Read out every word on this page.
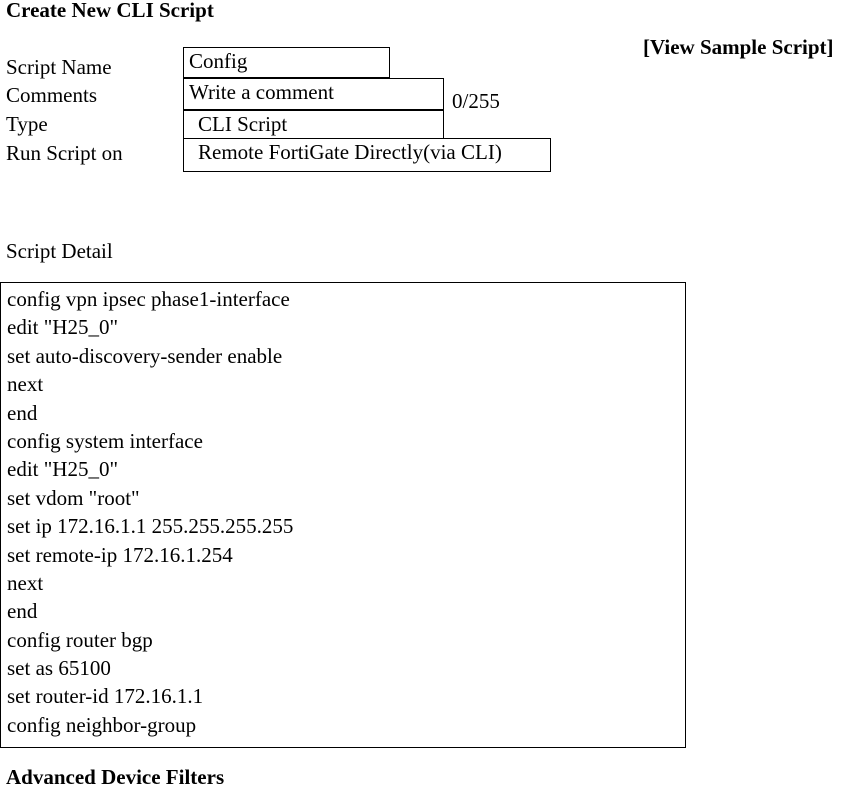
Create New CLI Script
[View Sample Script]
Script Name
Comments
Type
Run Script on
Config
Write a comment	0/255
CLI Script
Remote FortiGate Directly(via CLI)
Script Detail
config vpn ipsec phase1-interface
edit "H25_0"
set auto-discovery-sender enable
next
end
config system interface
edit "H25_0"
set vdom "root"
set ip 172.16.1.1 255.255.255.255
set remote-ip 172.16.1.254
next
end
config router bgp
set as 65100
set router-id 172.16.1.1
config neighbor-group
Advanced Device Filters
